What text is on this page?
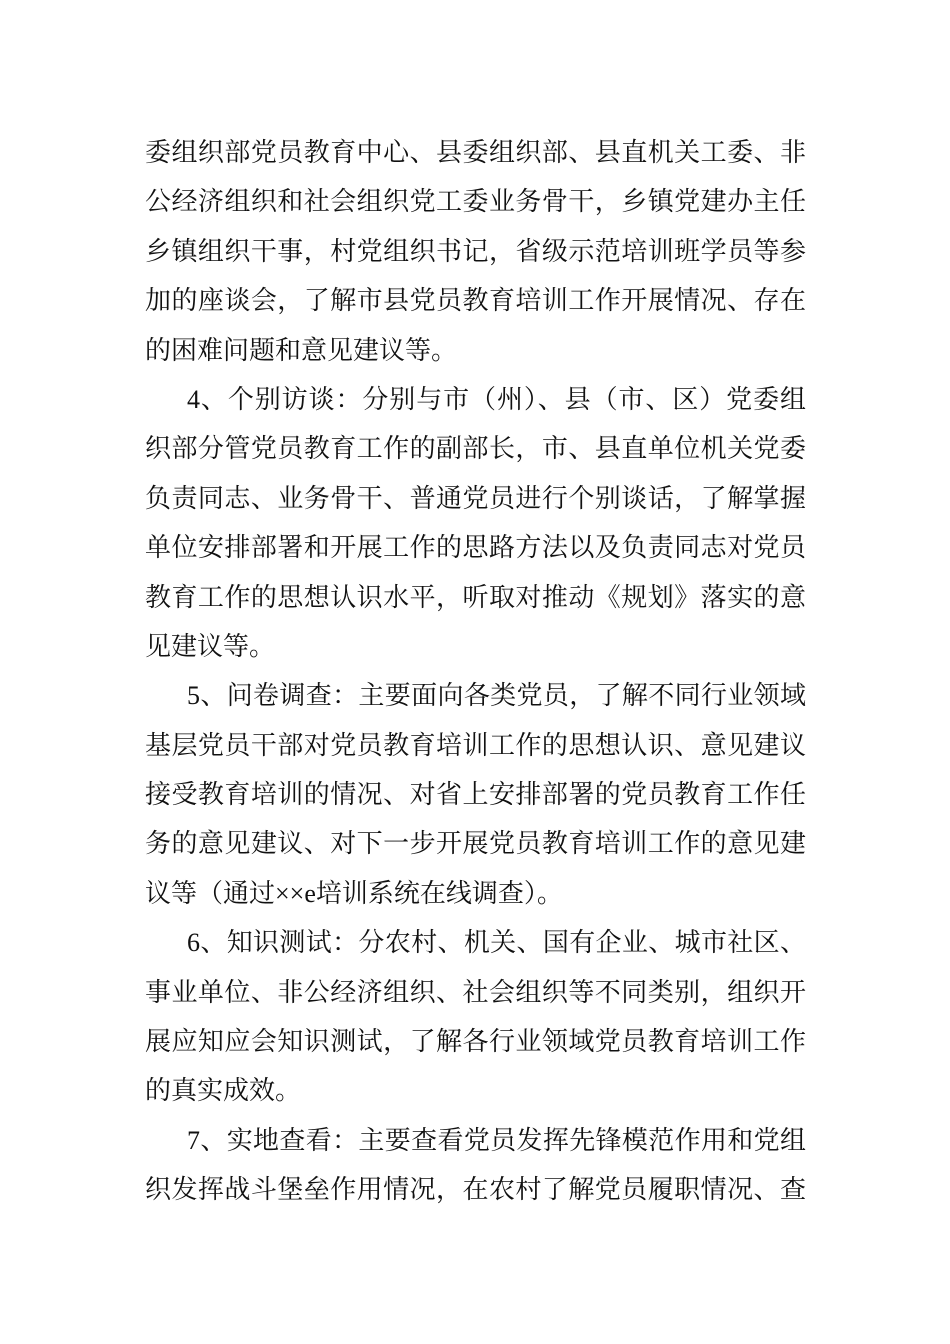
委组织部党员教育中心、县委组织部、县直机关工委、非
公经济组织和社会组织党工委业务骨干，乡镇党建办主任
乡镇组织干事，村党组织书记，省级示范培训班学员等参
加的座谈会，了解市县党员教育培训工作开展情况、存在
的困难问题和意见建议等。
4、个别访谈：分别与市（州）、县（市、区）党委组
织部分管党员教育工作的副部长，市、县直单位机关党委
负责同志、业务骨干、普通党员进行个别谈话，了解掌握
单位安排部署和开展工作的思路方法以及负责同志对党员
教育工作的思想认识水平，听取对推动《规划》落实的意
见建议等。
5、问卷调查：主要面向各类党员，了解不同行业领域
基层党员干部对党员教育培训工作的思想认识、意见建议
接受教育培训的情况、对省上安排部署的党员教育工作任
务的意见建议、对下一步开展党员教育培训工作的意见建
议等（通过××e培训系统在线调查）。
6、知识测试：分农村、机关、国有企业、城市社区、
事业单位、非公经济组织、社会组织等不同类别，组织开
展应知应会知识测试，了解各行业领域党员教育培训工作
的真实成效。
7、实地查看：主要查看党员发挥先锋模范作用和党组
织发挥战斗堡垒作用情况，在农村了解党员履职情况、查
